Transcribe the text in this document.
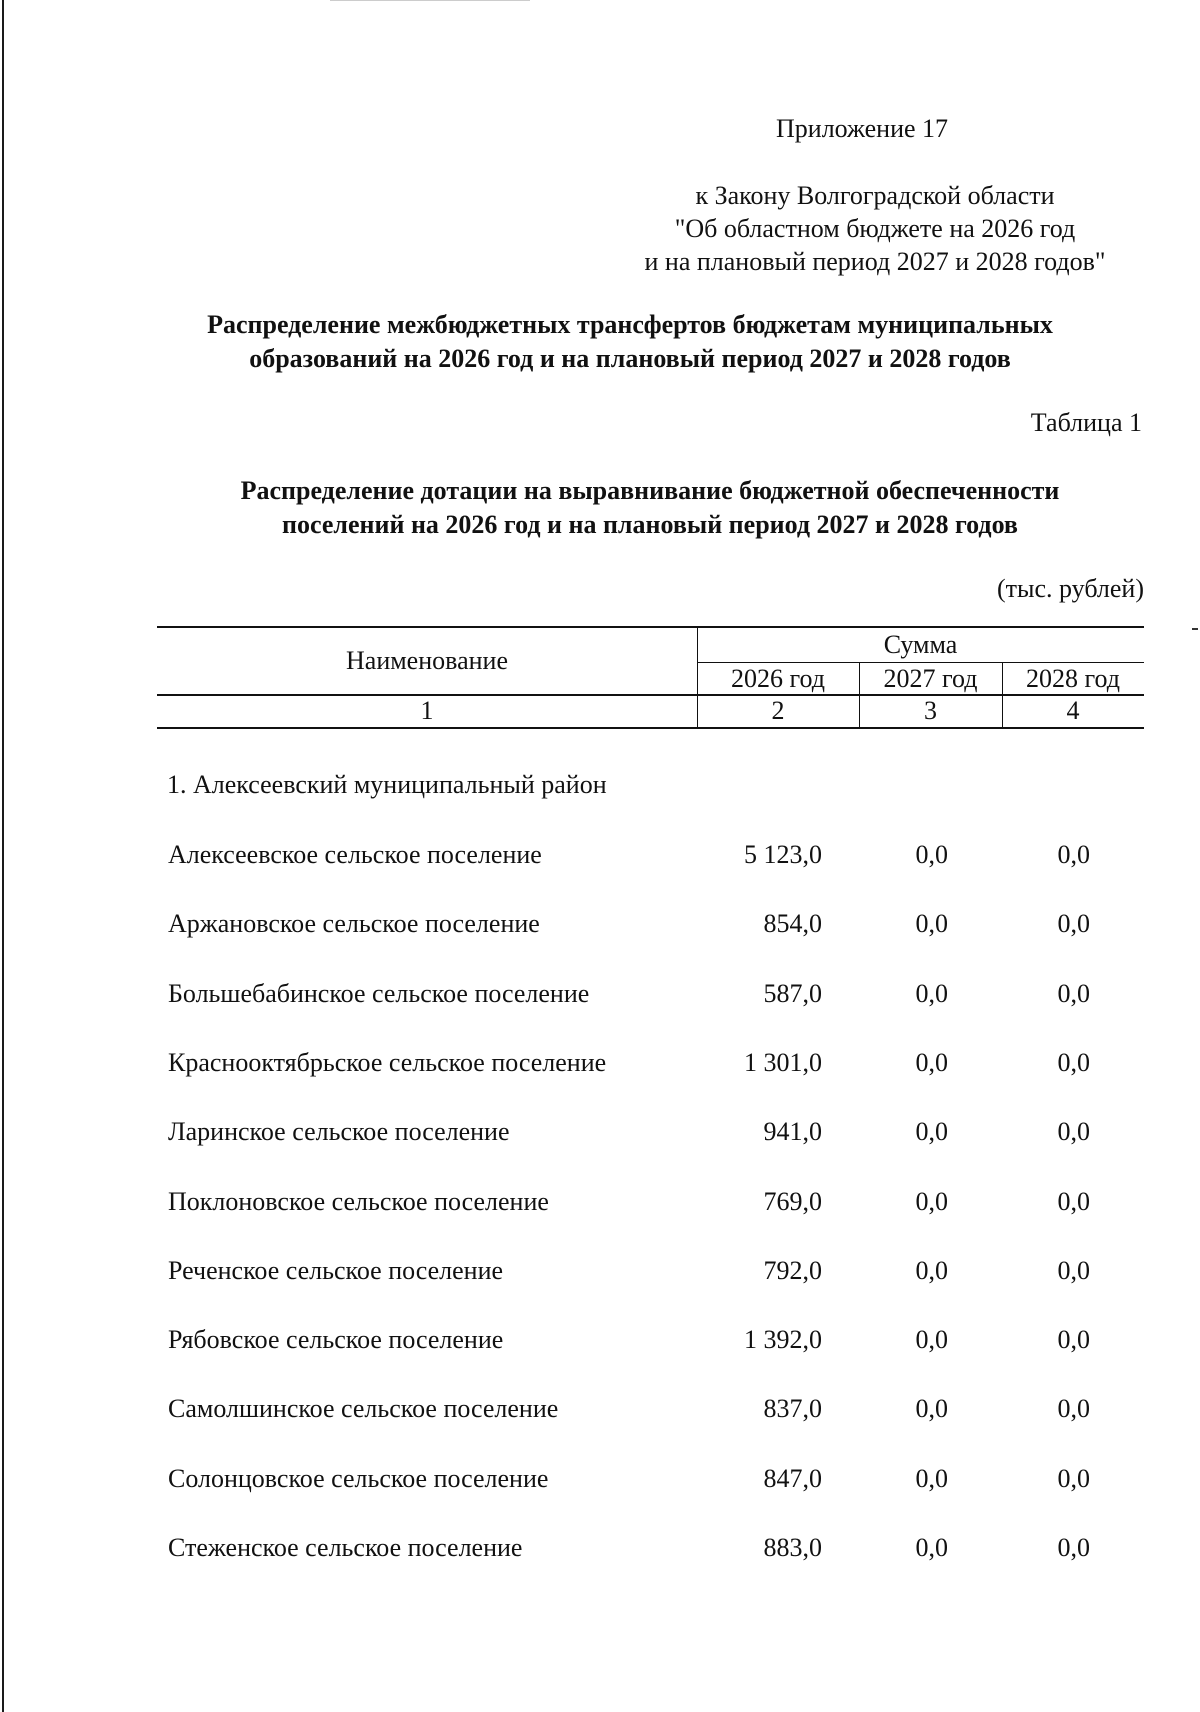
Приложение 17
к Закону Волгоградской области
"Об областном бюджете на 2026 год
и на плановый период 2027 и 2028 годов"
Распределение межбюджетных трансфертов бюджетам муниципальных
образований на 2026 год и на плановый период 2027 и 2028 годов
Таблица 1
Распределение дотации на выравнивание бюджетной обеспеченности
поселений на 2026 год и на плановый период 2027 и 2028 годов
(тыс. рублей)
Наименование
Сумма
2026 год	2027 год	2028 год
1	2	3	4
1. Алексеевский муниципальный район
Алексеевское сельское поселение	5 123,0	0,0	0,0
Аржановское сельское поселение	854,0	0,0	0,0
Большебабинское сельское поселение	587,0	0,0	0,0
Краснооктябрьское сельское поселение	1 301,0	0,0	0,0
Ларинское сельское поселение	941,0	0,0	0,0
Поклоновское сельское поселение	769,0	0,0	0,0
Реченское сельское поселение	792,0	0,0	0,0
Рябовское сельское поселение	1 392,0	0,0	0,0
Самолшинское сельское поселение	837,0	0,0	0,0
Солонцовское сельское поселение	847,0	0,0	0,0
Стеженское сельское поселение	883,0	0,0	0,0
